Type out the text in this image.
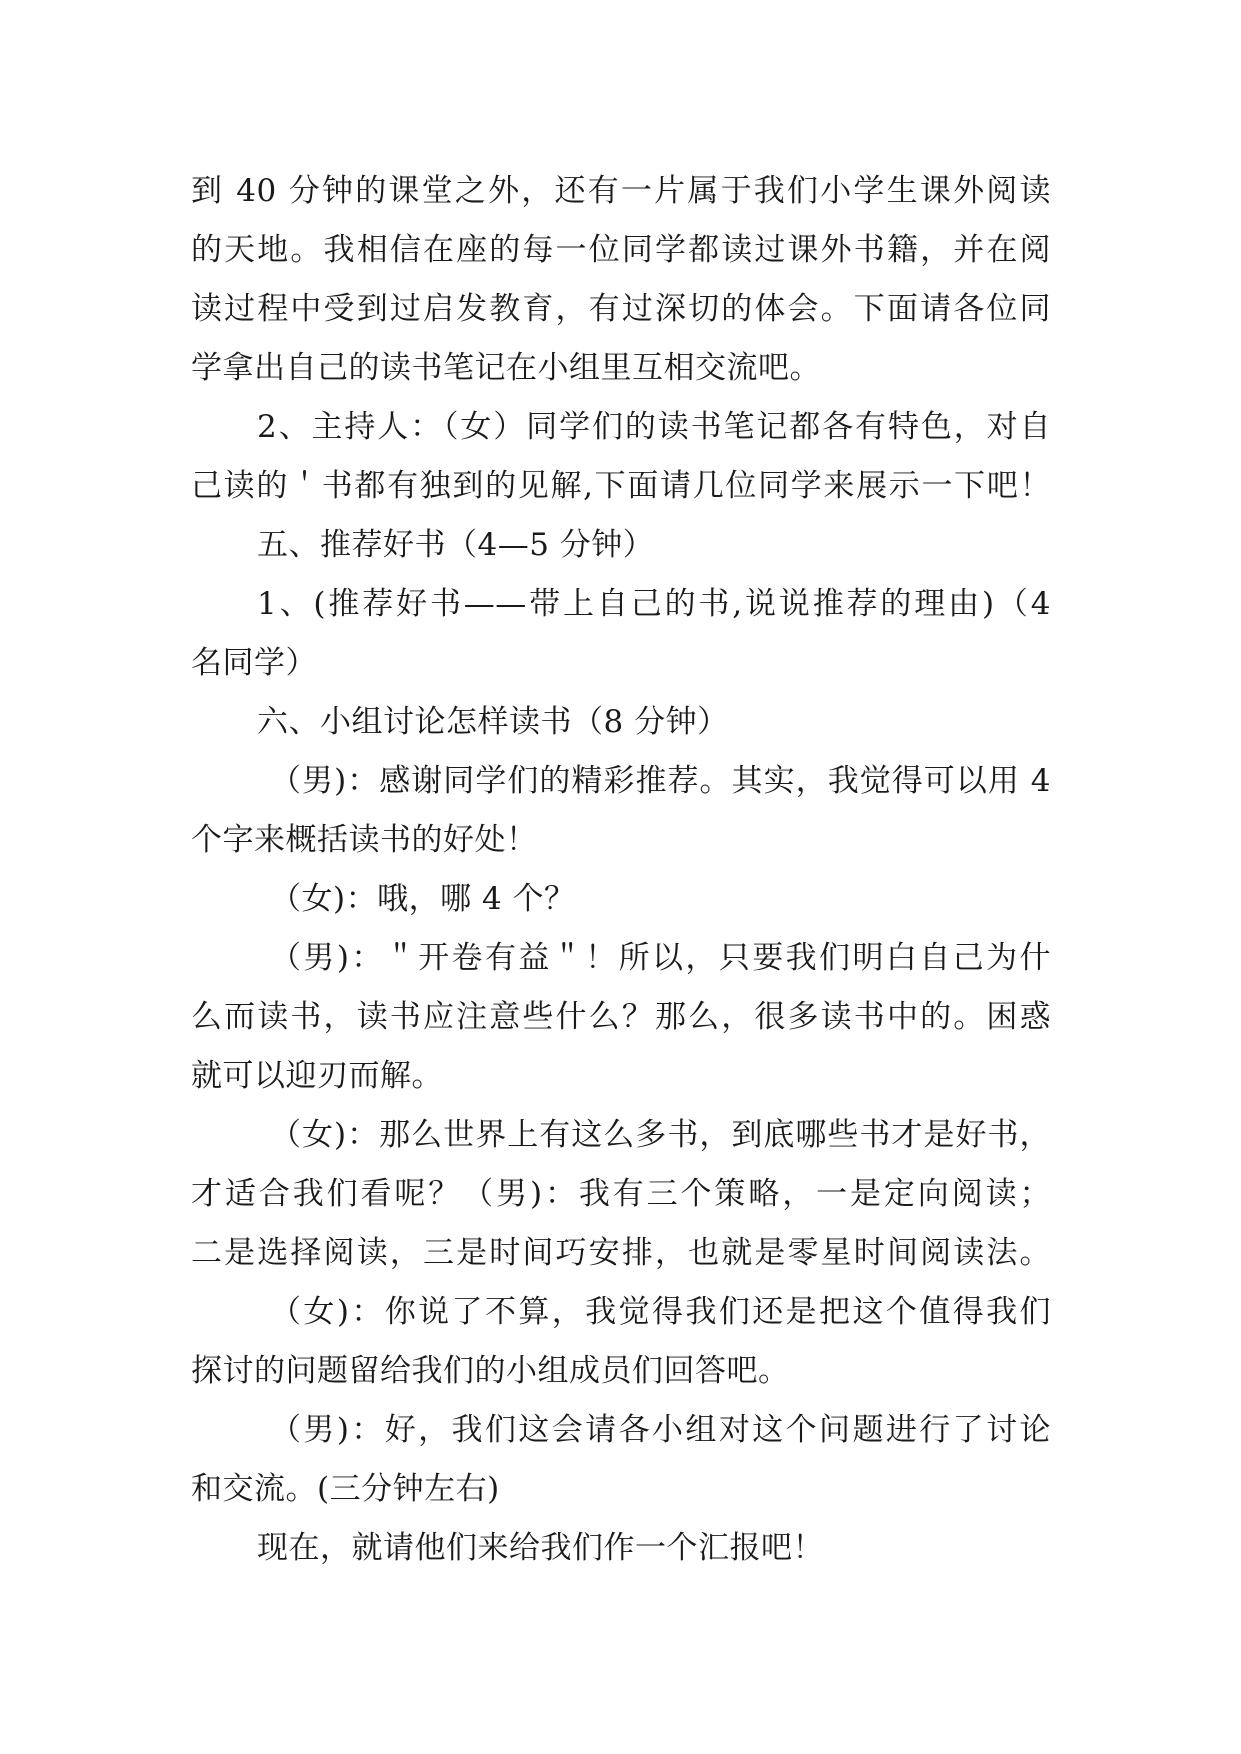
到 40 分钟的课堂之外，还有一片属于我们小学生课外阅读
的天地。我相信在座的每一位同学都读过课外书籍，并在阅
读过程中受到过启发教育，有过深切的体会。下面请各位同
学拿出自己的读书笔记在小组里互相交流吧。
2、主持人：（女）同学们的读书笔记都各有特色，对自
己读的＇书都有独到的见解,下面请几位同学来展示一下吧！
五、推荐好书（4—5 分钟）
1、(推荐好书——带上自己的书,说说推荐的理由)（4
名同学）
六、小组讨论怎样读书（8 分钟）
（男)：感谢同学们的精彩推荐。其实，我觉得可以用 4
个字来概括读书的好处！
（女)：哦，哪 4 个？
（男)：＂开卷有益＂！所以，只要我们明白自己为什
么而读书，读书应注意些什么？那么，很多读书中的。困惑
就可以迎刃而解。
（女)：那么世界上有这么多书，到底哪些书才是好书，
才适合我们看呢？（男)：我有三个策略，一是定向阅读；
二是选择阅读，三是时间巧安排，也就是零星时间阅读法。
（女)：你说了不算，我觉得我们还是把这个值得我们
探讨的问题留给我们的小组成员们回答吧。
（男)：好，我们这会请各小组对这个问题进行了讨论
和交流。(三分钟左右)
现在，就请他们来给我们作一个汇报吧！
